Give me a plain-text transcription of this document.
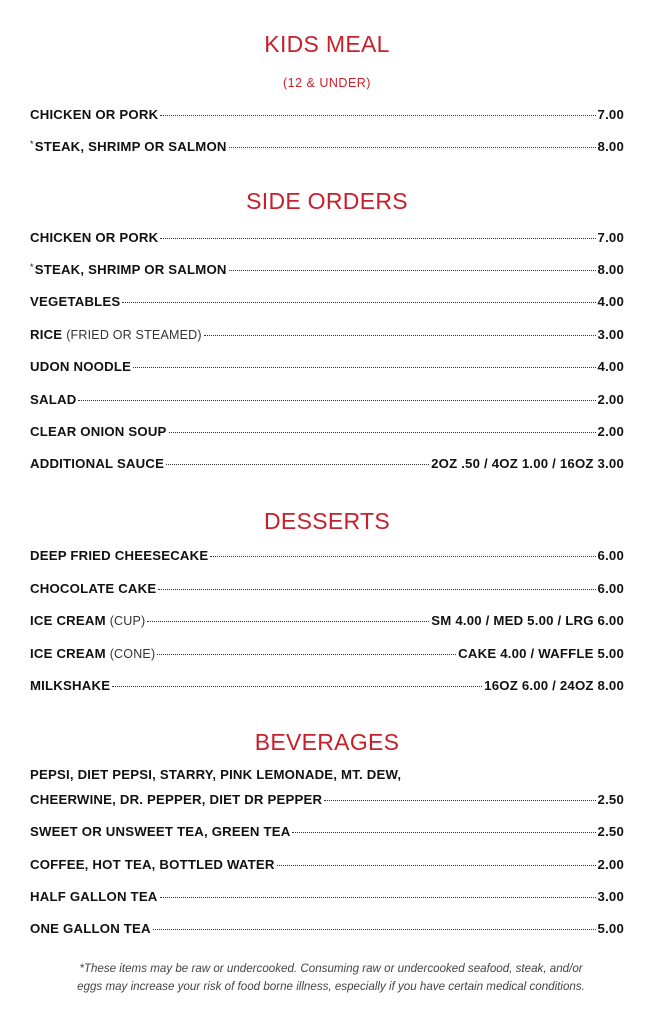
KIDS MEAL
(12 & UNDER)
CHICKEN OR PORK	7.00
*STEAK, SHRIMP OR SALMON	8.00
SIDE ORDERS
CHICKEN OR PORK	7.00
*STEAK, SHRIMP OR SALMON	8.00
VEGETABLES	4.00
RICE (FRIED OR STEAMED)	3.00
UDON NOODLE	4.00
SALAD	2.00
CLEAR ONION SOUP	2.00
ADDITIONAL SAUCE	2OZ .50 / 4OZ 1.00 / 16OZ 3.00
DESSERTS
DEEP FRIED CHEESECAKE	6.00
CHOCOLATE CAKE	6.00
ICE CREAM (CUP)	SM 4.00 / MED 5.00 / LRG 6.00
ICE CREAM (CONE)	CAKE 4.00 / WAFFLE 5.00
MILKSHAKE	16OZ 6.00 / 24OZ 8.00
BEVERAGES
PEPSI, DIET PEPSI, STARRY, PINK LEMONADE, MT. DEW,
CHEERWINE, DR. PEPPER, DIET DR PEPPER	2.50
SWEET OR UNSWEET TEA, GREEN TEA	2.50
COFFEE, HOT TEA, BOTTLED WATER	2.00
HALF GALLON TEA	3.00
ONE GALLON TEA	5.00
*These items may be raw or undercooked. Consuming raw or undercooked seafood, steak, and/or
eggs may increase your risk of food borne illness, especially if you have certain medical conditions.
